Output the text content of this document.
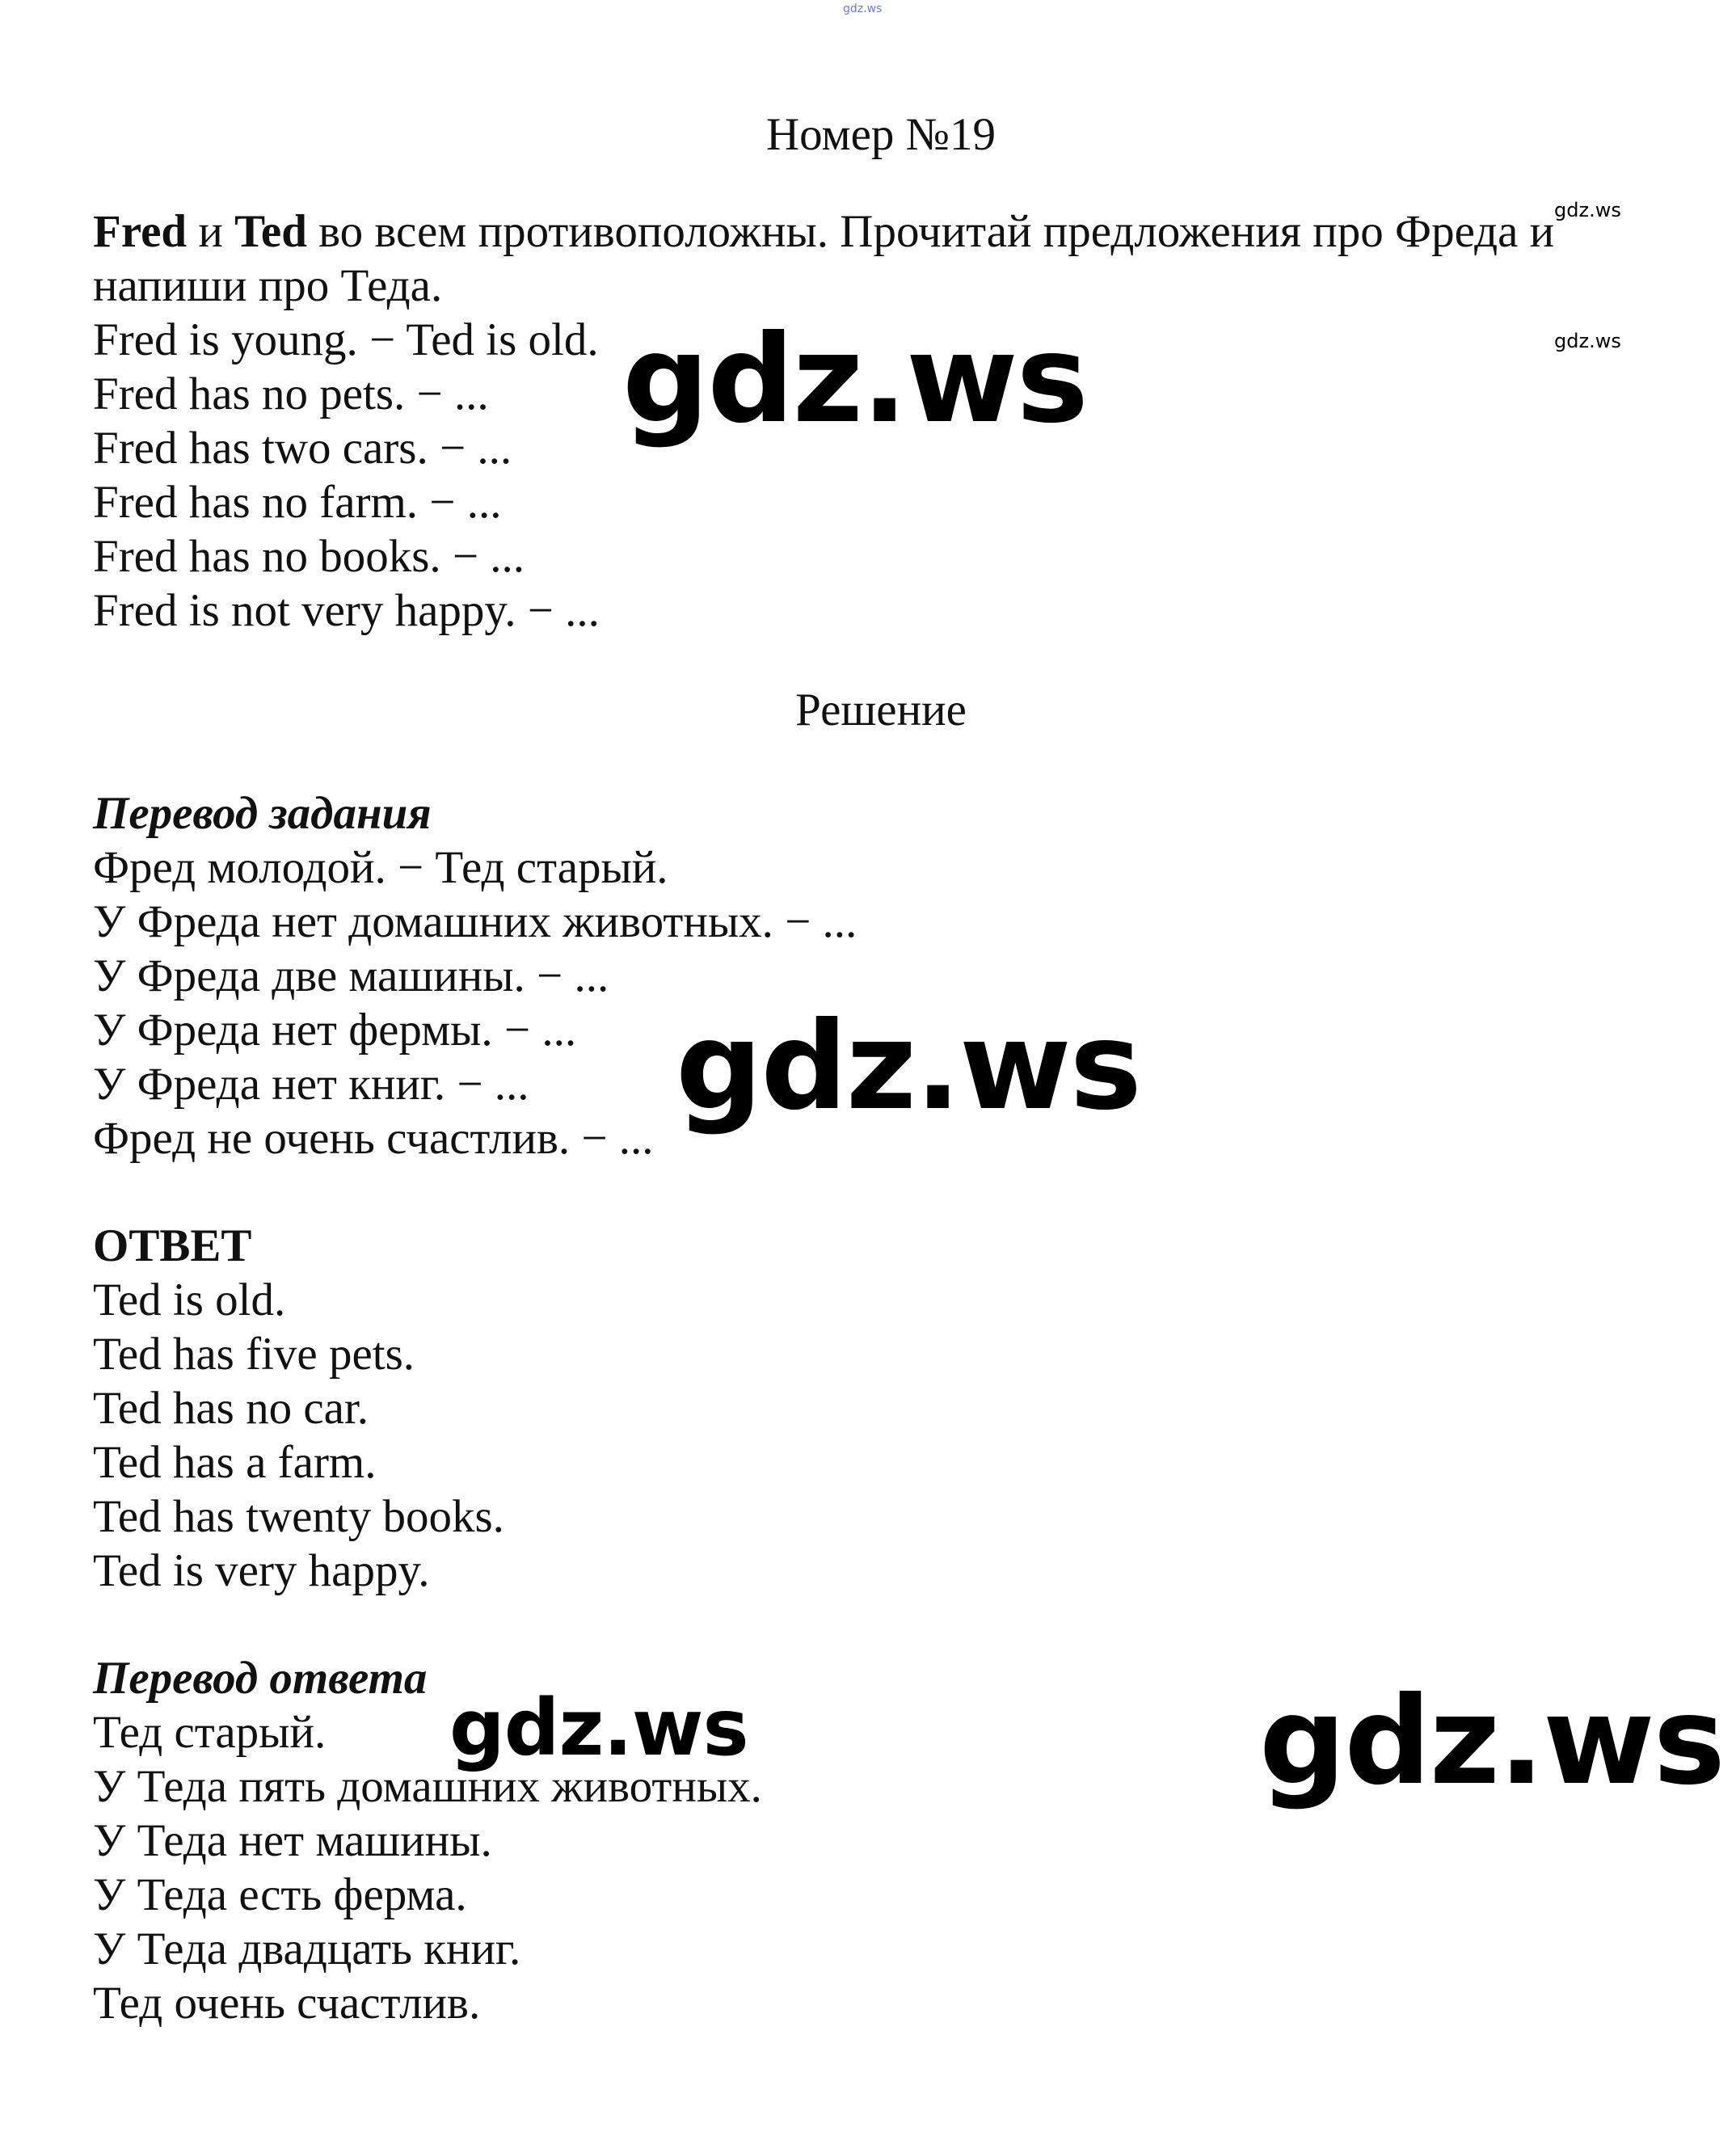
gdz.ws
Номер №19
Fred и Ted во всем противоположны. Прочитай предложения про Фреда и
напиши про Теда.
Fred is young. − Ted is old.
Fred has no pets. − ...
Fred has two cars. − ...
Fred has no farm. − ...
Fred has no books. − ...
Fred is not very happy. − ...
Решение
Перевод задания
Фред молодой. − Тед старый.
У Фреда нет домашних животных. − ...
У Фреда две машины. − ...
У Фреда нет фермы. − ...
У Фреда нет книг. − ...
Фред не очень счастлив. − ...
ОТВЕТ
Ted is old.
Ted has five pets.
Ted has no car.
Ted has a farm.
Ted has twenty books.
Ted is very happy.
Перевод ответа
Тед старый.
У Теда пять домашних животных.
У Теда нет машины.
У Теда есть ферма.
У Теда двадцать книг.
Тед очень счастлив.
gdz.ws
gdz.ws
gdz.ws
gdz.ws
gdz.ws	gdz.ws
